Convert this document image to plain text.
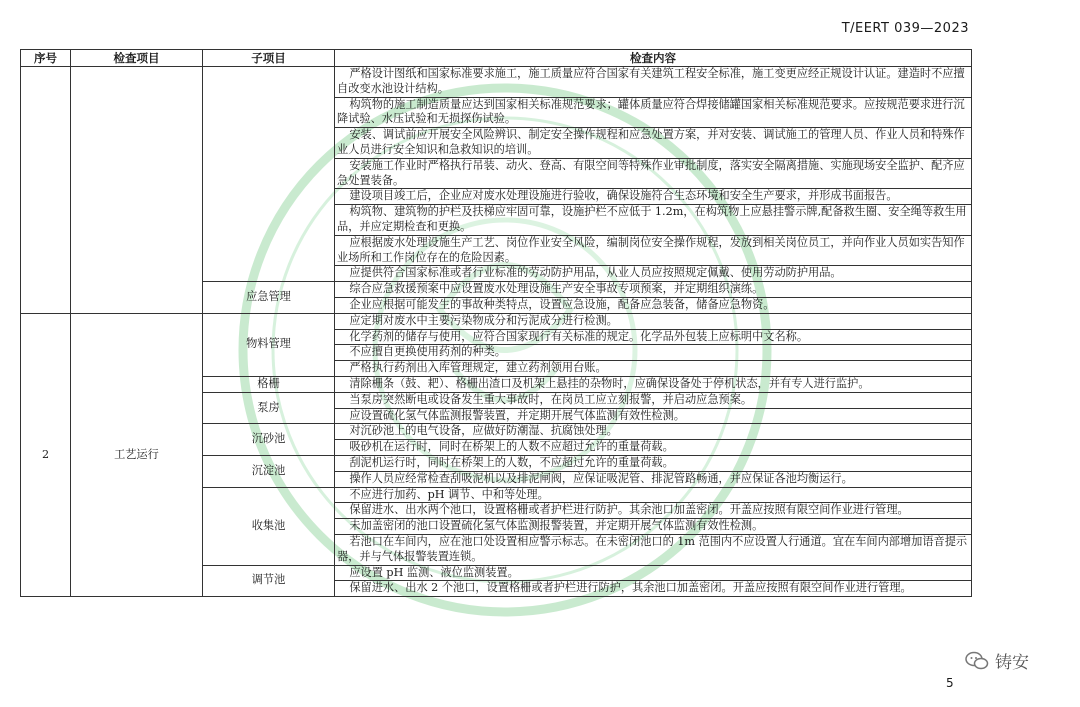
T/EERT 039—2023
序号	检查项目	子项目	检查内容
			严格设计图纸和国家标准要求施工，施工质量应符合国家有关建筑工程安全标准，施工变更应经正规设计认证。建造时不应擅自改变水池设计结构。
			构筑物的施工制造质量应达到国家相关标准规范要求；罐体质量应符合焊接储罐国家相关标准规范要求。应按规范要求进行沉降试验、水压试验和无损探伤试验。
			安装、调试前应开展安全风险辨识、制定安全操作规程和应急处置方案，并对安装、调试施工的管理人员、作业人员和特殊作业人员进行安全知识和急救知识的培训。
			安装施工作业时严格执行吊装、动火、登高、有限空间等特殊作业审批制度，落实安全隔离措施、实施现场安全监护、配齐应急处置装备。
			建设项目竣工后，企业应对废水处理设施进行验收，确保设施符合生态环境和安全生产要求，并形成书面报告。
			构筑物、建筑物的护栏及扶梯应牢固可靠，设施护栏不应低于 1.2m，在构筑物上应悬挂警示牌,配备救生圈、安全绳等救生用品，并应定期检查和更换。
			应根据废水处理设施生产工艺、岗位作业安全风险，编制岗位安全操作规程，发放到相关岗位员工，并向作业人员如实告知作业场所和工作岗位存在的危险因素。
			应提供符合国家标准或者行业标准的劳动防护用品，从业人员应按照规定佩戴、使用劳动防护用品。
		应急管理	综合应急救援预案中应设置废水处理设施生产安全事故专项预案，并定期组织演练。
			企业应根据可能发生的事故种类特点，设置应急设施，配备应急装备，储备应急物资。
2	工艺运行	物料管理	应定期对废水中主要污染物成分和污泥成分进行检测。
			化学药剂的储存与使用，应符合国家现行有关标准的规定。化学品外包装上应标明中文名称。
			不应擅自更换使用药剂的种类。
			严格执行药剂出入库管理规定，建立药剂领用台账。
		格栅	清除栅条（鼓、耙）、格栅出渣口及机架上悬挂的杂物时，应确保设备处于停机状态，并有专人进行监护。
		泵房	当泵房突然断电或设备发生重大事故时，在岗员工应立刻报警，并启动应急预案。
			应设置硫化氢气体监测报警装置，并定期开展气体监测有效性检测。
		沉砂池	对沉砂池上的电气设备，应做好防潮湿、抗腐蚀处理。
			吸砂机在运行时，同时在桥架上的人数不应超过允许的重量荷载。
		沉淀池	刮泥机运行时，同时在桥架上的人数，不应超过允许的重量荷载。
			操作人员应经常检查刮吸泥机以及排泥闸阀，应保证吸泥管、排泥管路畅通，并应保证各池均衡运行。
		收集池	不应进行加药、pH 调节、中和等处理。
			保留进水、出水两个池口，设置格栅或者护栏进行防护。其余池口加盖密闭。开盖应按照有限空间作业进行管理。
			未加盖密闭的池口设置硫化氢气体监测报警装置，并定期开展气体监测有效性检测。
			若池口在车间内，应在池口处设置相应警示标志。在未密闭池口的 1m 范围内不应设置人行通道。宜在车间内部增加语音提示器，并与气体报警装置连锁。
		调节池	应设置 pH 监测、液位监测装置。
			保留进水、出水 2 个池口，设置格栅或者护栏进行防护，其余池口加盖密闭。开盖应按照有限空间作业进行管理。
铸安
5
